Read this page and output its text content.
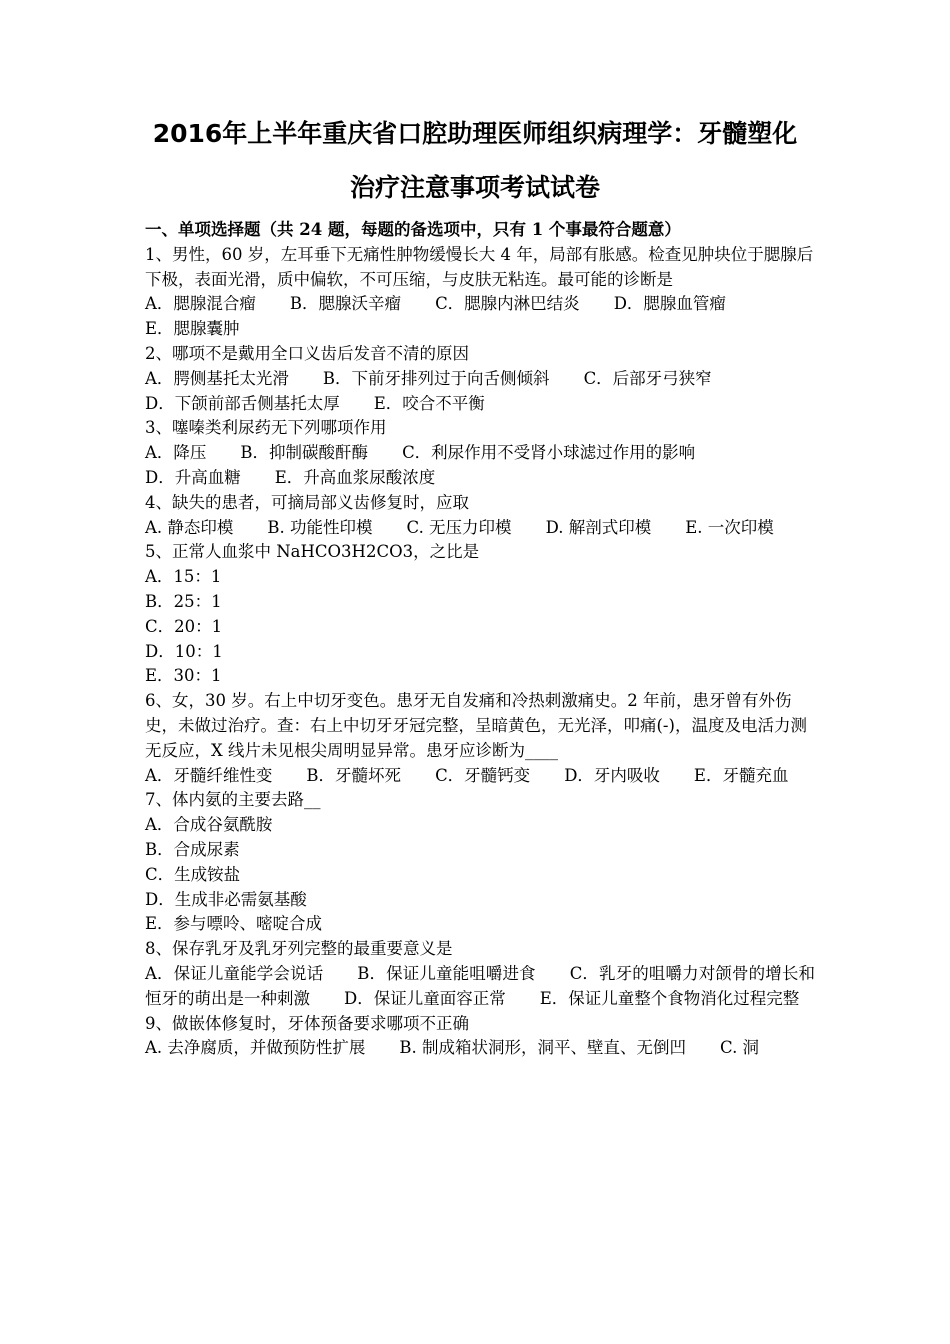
2016年上半年重庆省口腔助理医师组织病理学：牙髓塑化
治疗注意事项考试试卷

一、单项选择题（共 24 题，每题的备选项中，只有 1 个事最符合题意）

1、男性，60 岁，左耳垂下无痛性肿物缓慢长大 4 年，局部有胀感。检查见肿块位于腮腺后下极，表面光滑，质中偏软，不可压缩，与皮肤无粘连。最可能的诊断是

A．腮腺混合瘤 B．腮腺沃辛瘤 C．腮腺内淋巴结炎 D．腮腺血管瘤
E．腮腺囊肿

2、哪项不是戴用全口义齿后发音不清的原因

A．腭侧基托太光滑 B．下前牙排列过于向舌侧倾斜 C．后部牙弓狭窄
D．下颌前部舌侧基托太厚 E．咬合不平衡

3、噻嗪类利尿药无下列哪项作用

A．降压 B．抑制碳酸酐酶 C．利尿作用不受肾小球滤过作用的影响
D．升高血糖 E．升高血浆尿酸浓度

4、缺失的患者，可摘局部义齿修复时，应取

A. 静态印模 B. 功能性印模 C. 无压力印模 D. 解剖式印模 E. 一次印模

5、正常人血浆中 NaHCO3H2CO3，之比是

A．15：1
B．25：1
C．20：1
D．10：1
E．30：1

6、女，30 岁。右上中切牙变色。患牙无自发痛和冷热刺激痛史。2 年前，患牙曾有外伤史，未做过治疗。查：右上中切牙牙冠完整，呈暗黄色，无光泽，叩痛(-)，温度及电活力测无反应，X 线片未见根尖周明显异常。患牙应诊断为____

A．牙髓纤维性变 B．牙髓坏死 C．牙髓钙变 D．牙内吸收 E．牙髓充血

7、体内氨的主要去路__

A．合成谷氨酰胺
B．合成尿素
C．生成铵盐
D．生成非必需氨基酸
E．参与嘌呤、嘧啶合成

8、保存乳牙及乳牙列完整的最重要意义是

A．保证儿童能学会说话 B．保证儿童能咀嚼进食 C．乳牙的咀嚼力对颌骨的增长和恒牙的萌出是一种刺激 D．保证儿童面容正常 E．保证儿童整个食物消化过程完整

9、做嵌体修复时，牙体预备要求哪项不正确

A. 去净腐质，并做预防性扩展 B. 制成箱状洞形，洞平、壁直、无倒凹 C. 洞
